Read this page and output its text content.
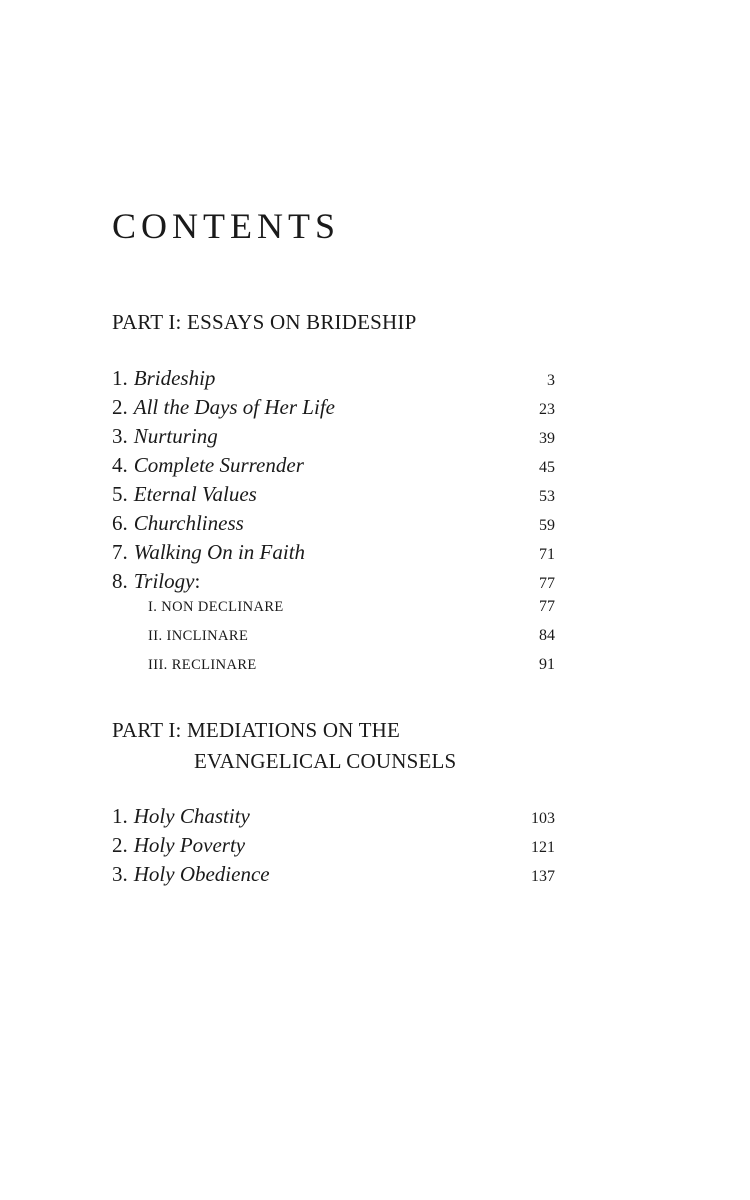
CONTENTS
PART I: ESSAYS ON BRIDESHIP
1. Brideship	3
2. All the Days of Her Life	23
3. Nurturing	39
4. Complete Surrender	45
5. Eternal Values	53
6. Churchliness	59
7. Walking On in Faith	71
8. Trilogy :	77
I. NON DECLINARE	77
II. INCLINARE	84
III. RECLINARE	91
PART I: MEDIATIONS ON THE
EVANGELICAL COUNSELS
1. Holy Chastity	103
2. Holy Poverty	121
3. Holy Obedience	137
